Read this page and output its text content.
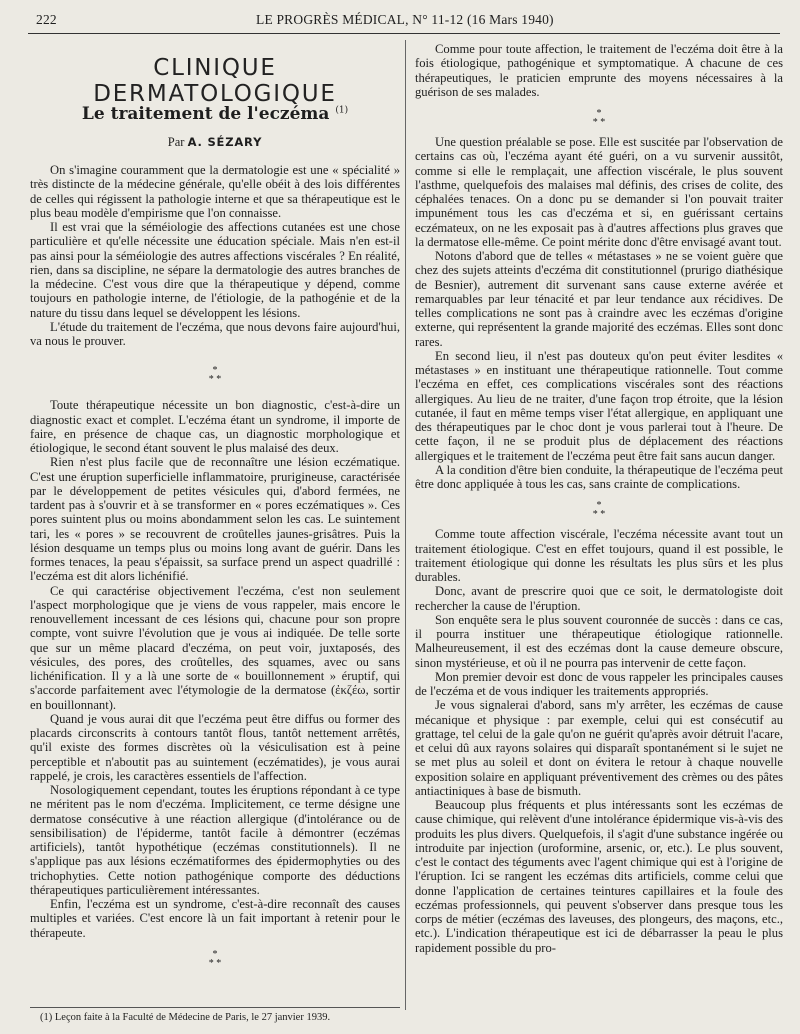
222	LE PROGRÈS MÉDICAL, N° 11-12 (16 Mars 1940)
CLINIQUE DERMATOLOGIQUE
Le traitement de l'eczéma $^{(1)}$
Par A. SÉZARY

On s'imagine couramment que la dermatologie est une « spécialité » très distincte de la médecine générale, qu'elle obéit à des lois différentes de celles qui régissent la pathologie interne et que sa thérapeutique est le plus beau modèle d'empirisme que l'on connaisse.

Il est vrai que la séméiologie des affections cutanées est une chose particulière et qu'elle nécessite une éducation spéciale. Mais n'en est-il pas ainsi pour la séméiologie des autres affections viscérales ? En réalité, rien, dans sa discipline, ne sépare la dermatologie des autres branches de la médecine. C'est vous dire que la thérapeutique y dépend, comme toujours en pathologie interne, de l'étiologie, de la pathogénie et de la nature du tissu dans lequel se développent les lésions.

L'étude du traitement de l'eczéma, que nous devons faire aujourd'hui, va nous le prouver.

*
* *

Toute thérapeutique nécessite un bon diagnostic, c'est-à-dire un diagnostic exact et complet. L'eczéma étant un syndrome, il importe de faire, en présence de chaque cas, un diagnostic morphologique et étiologique, le second étant souvent le plus malaisé des deux.

Rien n'est plus facile que de reconnaître une lésion eczématique. C'est une éruption superficielle inflammatoire, prurigineuse, caractérisée par le développement de petites vésicules qui, d'abord fermées, ne tardent pas à s'ouvrir et à se transformer en « pores eczématiques ». Ces pores suintent plus ou moins abondamment selon les cas. Le suintement tari, les « pores » se recouvrent de croûtelles jaunes-grisâtres. Puis la lésion desquame un temps plus ou moins long avant de guérir. Dans les formes tenaces, la peau s'épaissit, sa surface prend un aspect quadrillé : l'eczéma est dit alors lichénifié.

Ce qui caractérise objectivement l'eczéma, c'est non seulement l'aspect morphologique que je viens de vous rappeler, mais encore le renouvellement incessant de ces lésions qui, chacune pour son propre compte, vont suivre l'évolution que je vous ai indiquée. De telle sorte que sur un même placard d'eczéma, on peut voir, juxtaposés, des vésicules, des pores, des croûtelles, des squames, avec ou sans lichénification. Il y a là une sorte de « bouillonnement » éruptif, qui s'accorde parfaitement avec l'étymologie de la dermatose (ἐκζέω, sortir en bouillonnant).

Quand je vous aurai dit que l'eczéma peut être diffus ou former des placards circonscrits à contours tantôt flous, tantôt nettement arrêtés, qu'il existe des formes discrètes où la vésiculisation est à peine perceptible et n'aboutit pas au suintement (eczématides), je vous aurai rappelé, je crois, les caractères essentiels de l'affection.

Nosologiquement cependant, toutes les éruptions répondant à ce type ne méritent pas le nom d'eczéma. Implicitement, ce terme désigne une dermatose consécutive à une réaction allergique (d'intolérance ou de sensibilisation) de l'épiderme, tantôt facile à démontrer (eczémas artificiels), tantôt hypothétique (eczémas constitutionnels). Il ne s'applique pas aux lésions eczématiformes des épidermophyties ou des trichophyties. Cette notion pathogénique comporte des déductions thérapeutiques particulièrement intéressantes.

Enfin, l'eczéma est un syndrome, c'est-à-dire reconnaît des causes multiples et variées. C'est encore là un fait important à retenir pour le thérapeute.

*
* *

Comme pour toute affection, le traitement de l'eczéma doit être à la fois étiologique, pathogénique et symptomatique. A chacune de ces thérapeutiques, le praticien emprunte des moyens nécessaires à la guérison de ses malades.

*
* *

Une question préalable se pose. Elle est suscitée par l'observation de certains cas où, l'eczéma ayant été guéri, on a vu survenir aussitôt, comme si elle le remplaçait, une affection viscérale, le plus souvent l'asthme, quelquefois des malaises mal définis, des crises de colite, des céphalées tenaces. On a donc pu se demander si l'on pouvait traiter impunément tous les cas d'eczéma et si, en guérissant certains eczémateux, on ne les exposait pas à d'autres affections plus graves que la dermatose elle-même. Ce point mérite donc d'être envisagé avant tout.

Notons d'abord que de telles « métastases » ne se voient guère que chez des sujets atteints d'eczéma dit constitutionnel (prurigo diathésique de Besnier), autrement dit survenant sans cause externe avérée et remarquables par leur ténacité et par leur tendance aux récidives. De telles complications ne sont pas à craindre avec les eczémas d'origine externe, qui représentent la grande majorité des eczémas. Elles sont donc rares.

En second lieu, il n'est pas douteux qu'on peut éviter lesdites « métastases » en instituant une thérapeutique rationnelle. Tout comme l'eczéma en effet, ces complications viscérales sont des réactions allergiques. Au lieu de ne traiter, d'une façon trop étroite, que la lésion cutanée, il faut en même temps viser l'état allergique, en appliquant une des thérapeutiques par le choc dont je vous parlerai tout à l'heure. De cette façon, il ne se produit plus de déplacement des réactions allergiques et le traitement de l'eczéma peut être fait sans aucun danger.

A la condition d'être bien conduite, la thérapeutique de l'eczéma peut être donc appliquée à tous les cas, sans crainte de complications.

*
* *

Comme toute affection viscérale, l'eczéma nécessite avant tout un traitement étiologique. C'est en effet toujours, quand il est possible, le traitement étiologique qui donne les résultats les plus sûrs et les plus durables.

Donc, avant de prescrire quoi que ce soit, le dermatologiste doit rechercher la cause de l'éruption.

Son enquête sera le plus souvent couronnée de succès : dans ce cas, il pourra instituer une thérapeutique étiologique rationnelle. Malheureusement, il est des eczémas dont la cause demeure obscure, sinon mystérieuse, et où il ne pourra pas intervenir de cette façon.

Mon premier devoir est donc de vous rappeler les principales causes de l'eczéma et de vous indiquer les traitements appropriés.

Je vous signalerai d'abord, sans m'y arrêter, les eczémas de cause mécanique et physique : par exemple, celui qui est consécutif au grattage, tel celui de la gale qu'on ne guérit qu'après avoir détruit l'acare, et celui dû aux rayons solaires qui disparaît spontanément si le sujet ne se met plus au soleil et dont on évitera le retour à chaque nouvelle exposition solaire en appliquant préventivement des crèmes ou des pâtes antiactiniques à base de bismuth.

Beaucoup plus fréquents et plus intéressants sont les eczémas de cause chimique, qui relèvent d'une intolérance épidermique vis-à-vis des produits les plus divers. Quelquefois, il s'agit d'une substance ingérée ou introduite par injection (uroformine, arsenic, or, etc.). Le plus souvent, c'est le contact des téguments avec l'agent chimique qui est à l'origine de l'éruption. Ici se rangent les eczémas dits artificiels, comme celui que donne l'application de certaines teintures capillaires et la foule des eczémas professionnels, qui peuvent s'observer dans presque tous les corps de métier (eczémas des laveuses, des plongeurs, des maçons, etc., etc.). L'indication thérapeutique est ici de débarrasser la peau le plus rapidement possible du pro-

(1) Leçon faite à la Faculté de Médecine de Paris, le 27 janvier 1939.
